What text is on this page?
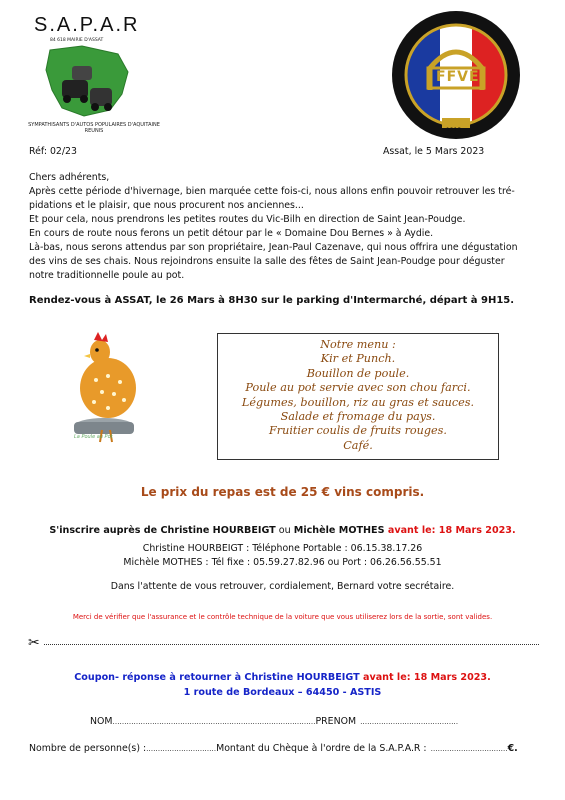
S.A.P.A.R
84 618 MAIRIE D'ASSAT
SYMPATHISANTS D'AUTOS POPULAIRES D'AQUITAINE REUNIS
FFVE
1213
FEDERATION FRANCAISE DES VEHICULES D'EPOQUE
Réf: 02/23	Assat, le 5 Mars 2023
Chers adhérents,
Après cette période d'hivernage, bien marquée cette fois-ci, nous allons enfin pouvoir retrouver les tré-
pidations et le plaisir, que nous procurent nos anciennes...
Et pour cela, nous prendrons les petites routes du Vic-Bilh en direction de Saint Jean-Poudge.
En cours de route nous ferons un petit détour par le « Domaine Dou Bernes » à Aydie.
Là-bas, nous serons attendus par son propriétaire, Jean-Paul Cazenave, qui nous offrira une dégustation
des vins de ses chais. Nous rejoindrons ensuite la salle des fêtes de Saint Jean-Poudge pour déguster
notre traditionnelle poule au pot.
Rendez-vous à ASSAT, le 26 Mars à 8H30 sur le parking d'Intermarché, départ à 9H15.
La Poule au Pot
Notre menu :
Kir et Punch.
Bouillon de poule.
Poule au pot servie avec son chou farci.
Légumes, bouillon, riz au gras et sauces.
Salade et fromage du pays.
Fruitier coulis de fruits rouges.
Café.
Le prix du repas est de 25 € vins compris.
S'inscrire auprès de Christine HOURBEIGT ou Michèle MOTHES avant le: 18 Mars 2023.
Christine HOURBEIGT : Téléphone Portable : 06.15.38.17.26
Michèle MOTHES : Tél fixe : 05.59.27.82.96 ou Port : 06.26.56.55.51
Dans l'attente de vous retrouver, cordialement, Bernard votre secrétaire.
Merci de vérifier que l'assurance et le contrôle technique de la voiture que vous utiliserez lors de la sortie, sont valides.
✂
Coupon- réponse à retourner à Christine HOURBEIGT avant le: 18 Mars 2023.
1 route de Bordeaux – 64450 - ASTIS
NOM……………………………………………………………………………PRENOM ……………………………………
Nombre de personne(s) :…………………………Montant du Chèque à l'ordre de la S.A.P.A.R : ……………………………€.
